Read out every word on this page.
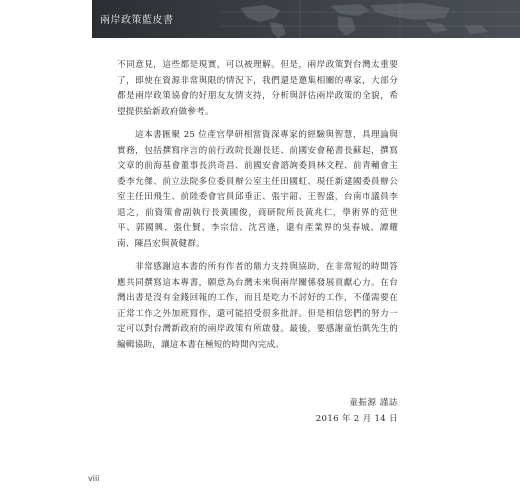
兩岸政策藍皮書

不同意見，這些都是現實，可以被理解。但是，兩岸政策對台灣太重要了，即使在資源非常與限的情況下，我們還是邀集相關的專家，大部分都是兩岸政策協會的好朋友友情支持，分析與評估兩岸政策的全貌，希望提供給新政府做參考。

這本書匯聚 25 位產官學研相當資深專家的經驗與智慧，具理論與實務，包括撰寫序言的前行政院長謝長廷、前國安會秘書長蘇起，撰寫文章的前海基會董事長洪奇昌、前國安會諮詢委員林文程、前青輔會主委李允傑、前立法院多位委員辦公室主任田國虹、現任新建國委員辦公室主任田飛生、前陸委會官員邱垂正、張宇韶、王智盛，台南市議員李退之，前資策會副執行長黃國俊，商研院所長黃兆仁，學術界的范世平、郭國興、張仕賢、李宗信、沈宮逢，還有產業界的吳春城、譚耀南、陳昌宏與黃健群。

非常感謝這本書的所有作者的鼎力支持與協助，在非常短的時間答應共同撰寫這本專書，願意為台灣未來與兩岸關係發展貢獻心力。在台灣出書是沒有金錢回報的工作，而且是吃力不討好的工作，不僅需要在正常工作之外加班寫作，還可能招受很多批評。但是相信您們的努力一定可以對台灣新政府的兩岸政策有所啟發。最後，要感謝童怡凱先生的編輯協助，讓這本書在極短的時間內完成。

童振源 謹誌
2016 年 2 月 14 日
viii
